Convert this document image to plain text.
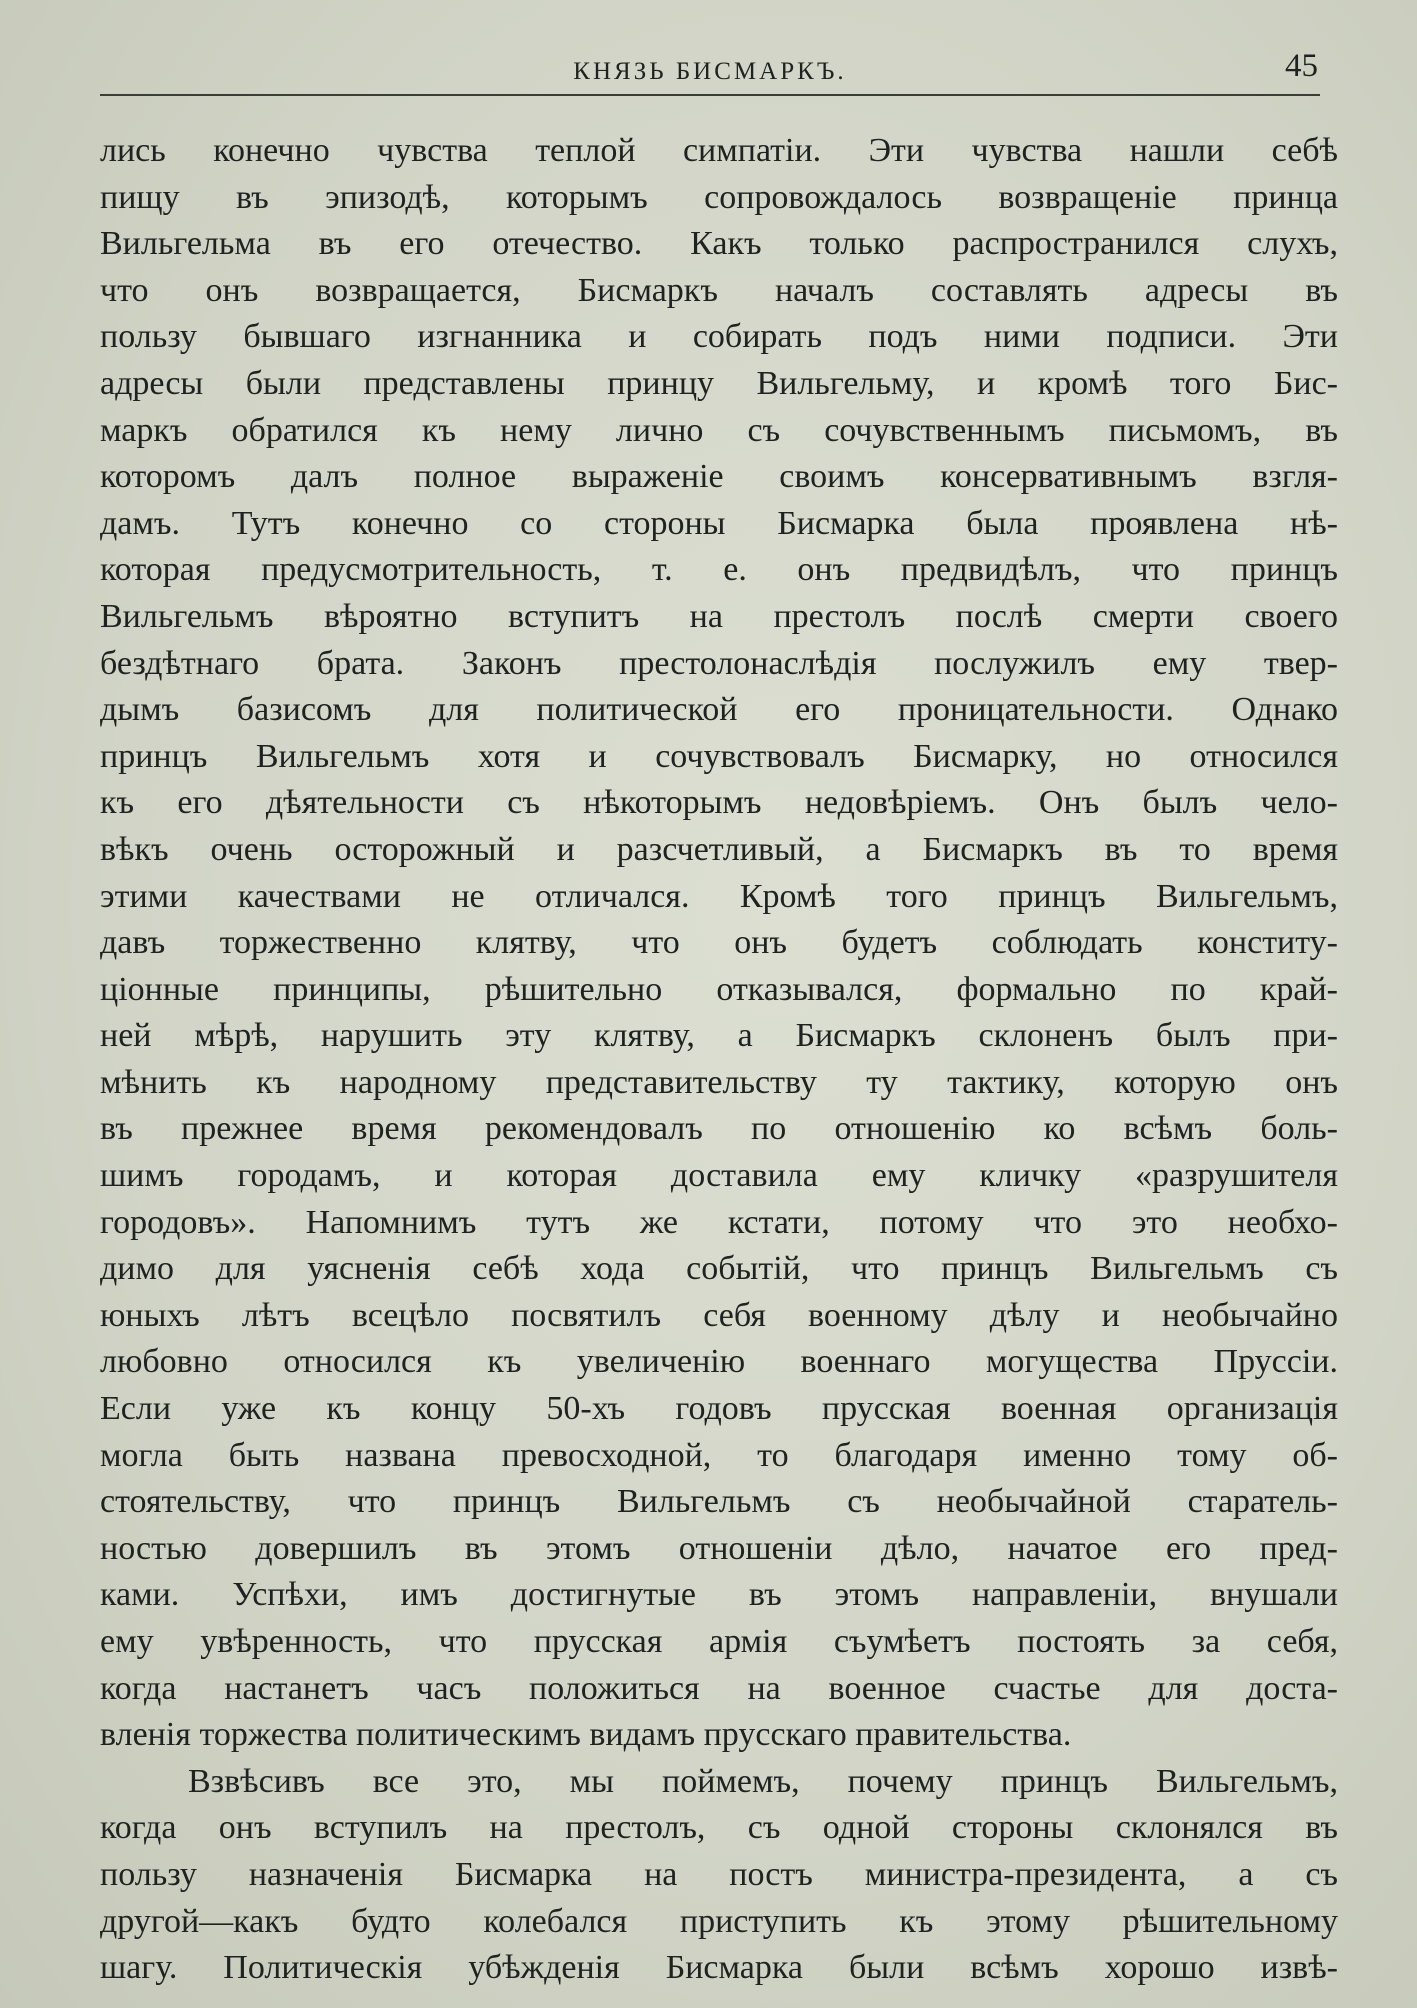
КНЯЗЬ БИСМАРКЪ.	45
лись конечно чувства теплой симпатіи. Эти чувства нашли себѣ
пищу въ эпизодѣ, которымъ сопровождалось возвращеніе принца
Вильгельма въ его отечество. Какъ только распространился слухъ,
что онъ возвращается, Бисмаркъ началъ составлять адресы въ
пользу бывшаго изгнанника и собирать подъ ними подписи. Эти
адресы были представлены принцу Вильгельму, и кромѣ того Бис-
маркъ обратился къ нему лично съ сочувственнымъ письмомъ, въ
которомъ далъ полное выраженіе своимъ консервативнымъ взгля-
дамъ. Тутъ конечно со стороны Бисмарка была проявлена нѣ-
которая предусмотрительность, т. е. онъ предвидѣлъ, что принцъ
Вильгельмъ вѣроятно вступитъ на престолъ послѣ смерти своего
бездѣтнаго брата. Законъ престолонаслѣдія послужилъ ему твер-
дымъ базисомъ для политической его проницательности. Однако
принцъ Вильгельмъ хотя и сочувствовалъ Бисмарку, но относился
къ его дѣятельности съ нѣкоторымъ недовѣріемъ. Онъ былъ чело-
вѣкъ очень осторожный и разсчетливый, а Бисмаркъ въ то время
этими качествами не отличался. Кромѣ того принцъ Вильгельмъ,
давъ торжественно клятву, что онъ будетъ соблюдать конститу-
ціонные принципы, рѣшительно отказывался, формально по край-
ней мѣрѣ, нарушить эту клятву, а Бисмаркъ склоненъ былъ при-
мѣнить къ народному представительству ту тактику, которую онъ
въ прежнее время рекомендовалъ по отношенію ко всѣмъ боль-
шимъ городамъ, и которая доставила ему кличку «разрушителя
городовъ». Напомнимъ тутъ же кстати, потому что это необхо-
димо для уясненія себѣ хода событій, что принцъ Вильгельмъ съ
юныхъ лѣтъ всецѣло посвятилъ себя военному дѣлу и необычайно
любовно относился къ увеличенію военнаго могущества Пруссіи.
Если уже къ концу 50-хъ годовъ прусская военная организація
могла быть названа превосходной, то благодаря именно тому об-
стоятельству, что принцъ Вильгельмъ съ необычайной старатель-
ностью довершилъ въ этомъ отношеніи дѣло, начатое его пред-
ками. Успѣхи, имъ достигнутые въ этомъ направленіи, внушали
ему увѣренность, что прусская армія съумѣетъ постоять за себя,
когда настанетъ часъ положиться на военное счастье для доста-
вленія торжества политическимъ видамъ прусскаго правительства.
Взвѣсивъ все это, мы поймемъ, почему принцъ Вильгельмъ,
когда онъ вступилъ на престолъ, съ одной стороны склонялся въ
пользу назначенія Бисмарка на постъ министра-президента, а съ
другой—какъ будто колебался приступить къ этому рѣшительному
шагу. Политическія убѣжденія Бисмарка были всѣмъ хорошо извѣ-
